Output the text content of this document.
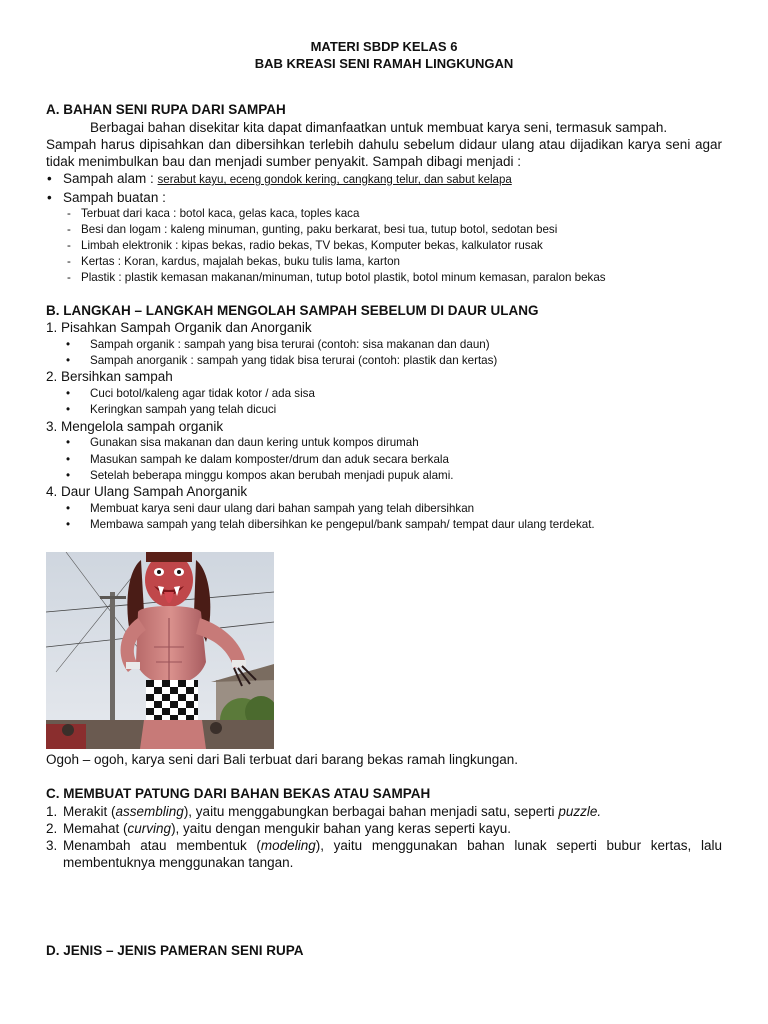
MATERI SBDP KELAS 6
BAB KREASI SENI RAMAH LINGKUNGAN
A. BAHAN SENI RUPA DARI SAMPAH
Berbagai bahan disekitar kita dapat dimanfaatkan untuk membuat karya seni, termasuk sampah.
Sampah harus dipisahkan dan dibersihkan terlebih dahulu sebelum didaur ulang atau dijadikan karya seni agar tidak menimbulkan bau dan menjadi sumber penyakit. Sampah dibagi menjadi :
• Sampah alam : serabut kayu, eceng gondok kering, cangkang telur, dan sabut kelapa
• Sampah buatan :
- Terbuat dari kaca : botol kaca, gelas kaca, toples kaca
- Besi dan logam : kaleng minuman, gunting, paku berkarat, besi tua, tutup botol, sedotan besi
- Limbah elektronik : kipas bekas, radio bekas, TV bekas, Komputer bekas, kalkulator rusak
- Kertas : Koran, kardus, majalah bekas, buku tulis lama, karton
- Plastik : plastik kemasan makanan/minuman, tutup botol plastik, botol minum kemasan, paralon bekas
B. LANGKAH – LANGKAH MENGOLAH SAMPAH SEBELUM DI DAUR ULANG
1. Pisahkan Sampah Organik dan Anorganik
• Sampah organik : sampah yang bisa terurai (contoh: sisa makanan dan daun)
• Sampah anorganik : sampah yang tidak bisa terurai (contoh: plastik dan kertas)
2. Bersihkan sampah
• Cuci botol/kaleng agar tidak kotor / ada sisa
• Keringkan sampah yang telah dicuci
3. Mengelola sampah organik
• Gunakan sisa makanan dan daun kering untuk kompos dirumah
• Masukan sampah ke dalam komposter/drum dan aduk secara berkala
• Setelah beberapa minggu kompos akan berubah menjadi pupuk alami.
4. Daur Ulang Sampah Anorganik
• Membuat karya seni daur ulang dari bahan sampah yang telah dibersihkan
• Membawa sampah yang telah dibersihkan ke pengepul/bank sampah/ tempat daur ulang terdekat.
Ogoh – ogoh, karya seni dari Bali terbuat dari barang bekas ramah lingkungan.
C. MEMBUAT PATUNG DARI BAHAN BEKAS ATAU SAMPAH
1. Merakit (assembling), yaitu menggabungkan berbagai bahan menjadi satu, seperti puzzle.
2. Memahat (curving), yaitu dengan mengukir bahan yang keras seperti kayu.
3. Menambah atau membentuk (modeling), yaitu menggunakan bahan lunak seperti bubur kertas, lalu membentuknya menggunakan tangan.
D. JENIS – JENIS PAMERAN SENI RUPA
